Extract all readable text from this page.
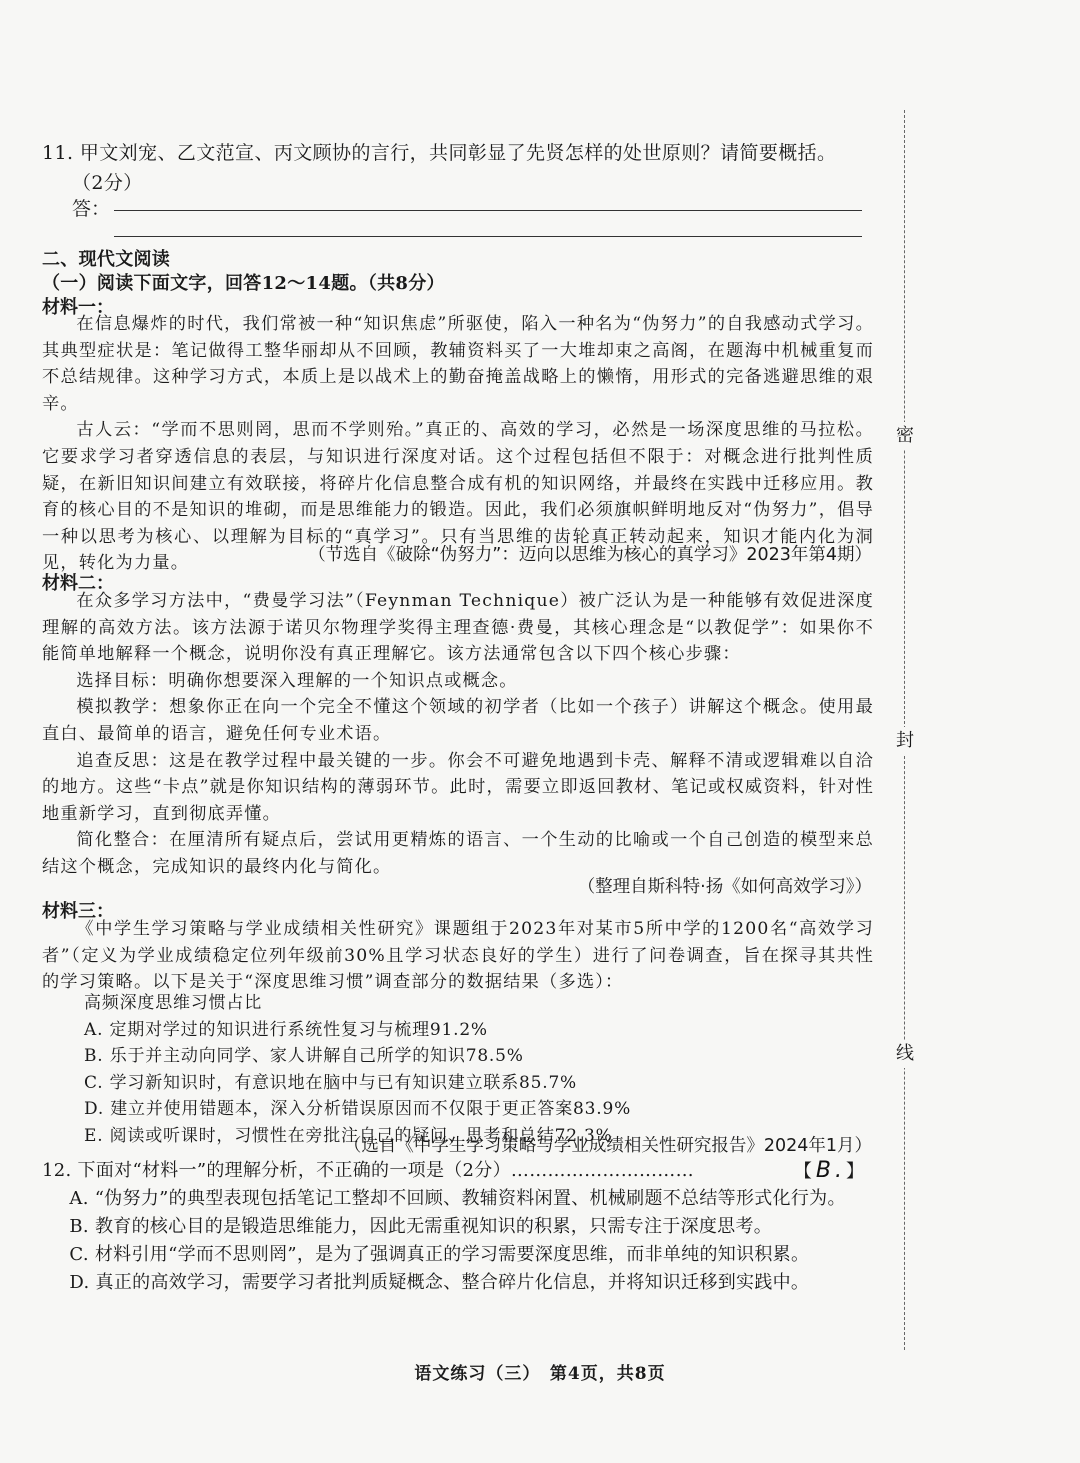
11. 甲文刘宠、乙文范宣、丙文顾协的言行，共同彰显了先贤怎样的处世原则？请简要概括。
（2分）
答：
二、现代文阅读
（一）阅读下面文字，回答12～14题。（共8分）
材料一：

在信息爆炸的时代，我们常被一种“知识焦虑”所驱使，陷入一种名为“伪努力”的自我感动式学习。其典型症状是：笔记做得工整华丽却从不回顾，教辅资料买了一大堆却束之高阁，在题海中机械重复而不总结规律。这种学习方式，本质上是以战术上的勤奋掩盖战略上的懒惰，用形式的完备逃避思维的艰辛。

古人云：“学而不思则罔，思而不学则殆。”真正的、高效的学习，必然是一场深度思维的马拉松。它要求学习者穿透信息的表层，与知识进行深度对话。这个过程包括但不限于：对概念进行批判性质疑，在新旧知识间建立有效联接，将碎片化信息整合成有机的知识网络，并最终在实践中迁移应用。教育的核心目的不是知识的堆砌，而是思维能力的锻造。因此，我们必须旗帜鲜明地反对“伪努力”，倡导一种以思考为核心、以理解为目标的“真学习”。只有当思维的齿轮真正转动起来，知识才能内化为洞见，转化为力量。	（节选自《破除“伪努力”：迈向以思维为核心的真学习》2023年第4期）
材料二：

在众多学习方法中，“费曼学习法”（Feynman Technique）被广泛认为是一种能够有效促进深度理解的高效方法。该方法源于诺贝尔物理学奖得主理查德·费曼，其核心理念是“以教促学”：如果你不能简单地解释一个概念，说明你没有真正理解它。该方法通常包含以下四个核心步骤：

选择目标：明确你想要深入理解的一个知识点或概念。

模拟教学：想象你正在向一个完全不懂这个领域的初学者（比如一个孩子）讲解这个概念。使用最直白、最简单的语言，避免任何专业术语。

追查反思：这是在教学过程中最关键的一步。你会不可避免地遇到卡壳、解释不清或逻辑难以自洽的地方。这些“卡点”就是你知识结构的薄弱环节。此时，需要立即返回教材、笔记或权威资料，针对性地重新学习，直到彻底弄懂。

简化整合：在厘清所有疑点后，尝试用更精炼的语言、一个生动的比喻或一个自己创造的模型来总结这个概念，完成知识的最终内化与简化。

（整理自斯科特·扬《如何高效学习》）
材料三：

《中学生学习策略与学业成绩相关性研究》课题组于2023年对某市5所中学的1200名“高效学习者”（定义为学业成绩稳定位列年级前30%且学习状态良好的学生）进行了问卷调查，旨在探寻其共性的学习策略。以下是关于“深度思维习惯”调查部分的数据结果（多选）：

高频深度思维习惯占比
A. 定期对学过的知识进行系统性复习与梳理91.2%
B. 乐于并主动向同学、家人讲解自己所学的知识78.5%
C. 学习新知识时，有意识地在脑中与已有知识建立联系85.7%
D. 建立并使用错题本，深入分析错误原因而不仅限于更正答案83.9%
E. 阅读或听课时，习惯性在旁批注自己的疑问、思考和总结72.3%
（选自《中学生学习策略与学业成绩相关性研究报告》2024年1月）
12. 下面对“材料一”的理解分析，不正确的一项是（2分）…………………………	【B.】
A. “伪努力”的典型表现包括笔记工整却不回顾、教辅资料闲置、机械刷题不总结等形式化行为。
B. 教育的核心目的是锻造思维能力，因此无需重视知识的积累，只需专注于深度思考。
C. 材料引用“学而不思则罔”，是为了强调真正的学习需要深度思维，而非单纯的知识积累。
D. 真正的高效学习，需要学习者批判质疑概念、整合碎片化信息，并将知识迁移到实践中。
语文练习（三）　第4页，共8页
密
封
线
